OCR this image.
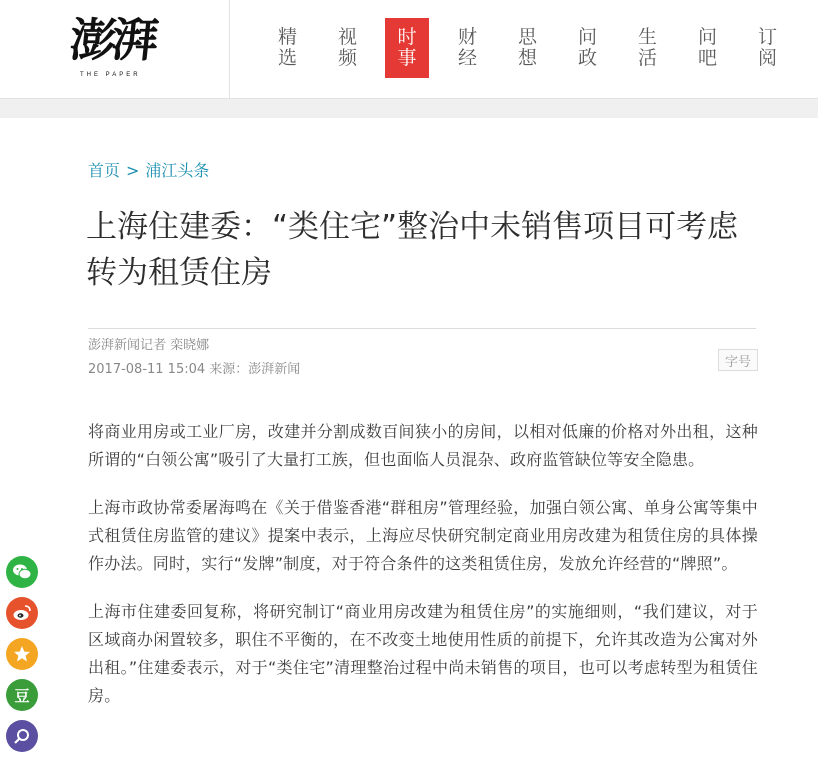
澎湃
THE PAPER
精
选
视
频
时
事
财
经
思
想
问
政
生
活
问
吧
订
阅
首页 > 浦江头条
上海住建委：“类住宅”整治中未销售项目可考虑转为租赁住房
澎湃新闻记者 栾晓娜
2017-08-11 15:04 来源：澎湃新闻	字号

将商业用房或工业厂房，改建并分割成数百间狭小的房间，以相对低廉的价格对外出租，这种所谓的“白领公寓”吸引了大量打工族，但也面临人员混杂、政府监管缺位等安全隐患。

上海市政协常委屠海鸣在《关于借鉴香港“群租房”管理经验，加强白领公寓、单身公寓等集中式租赁住房监管的建议》提案中表示，上海应尽快研究制定商业用房改建为租赁住房的具体操作办法。同时，实行“发牌”制度，对于符合条件的这类租赁住房，发放允许经营的“牌照”。

上海市住建委回复称，将研究制订“商业用房改建为租赁住房”的实施细则，“我们建议，对于区域商办闲置较多，职住不平衡的，在不改变土地使用性质的前提下，允许其改造为公寓对外出租。”住建委表示，对于“类住宅”清理整治过程中尚未销售的项目，也可以考虑转型为租赁住房。

豆
